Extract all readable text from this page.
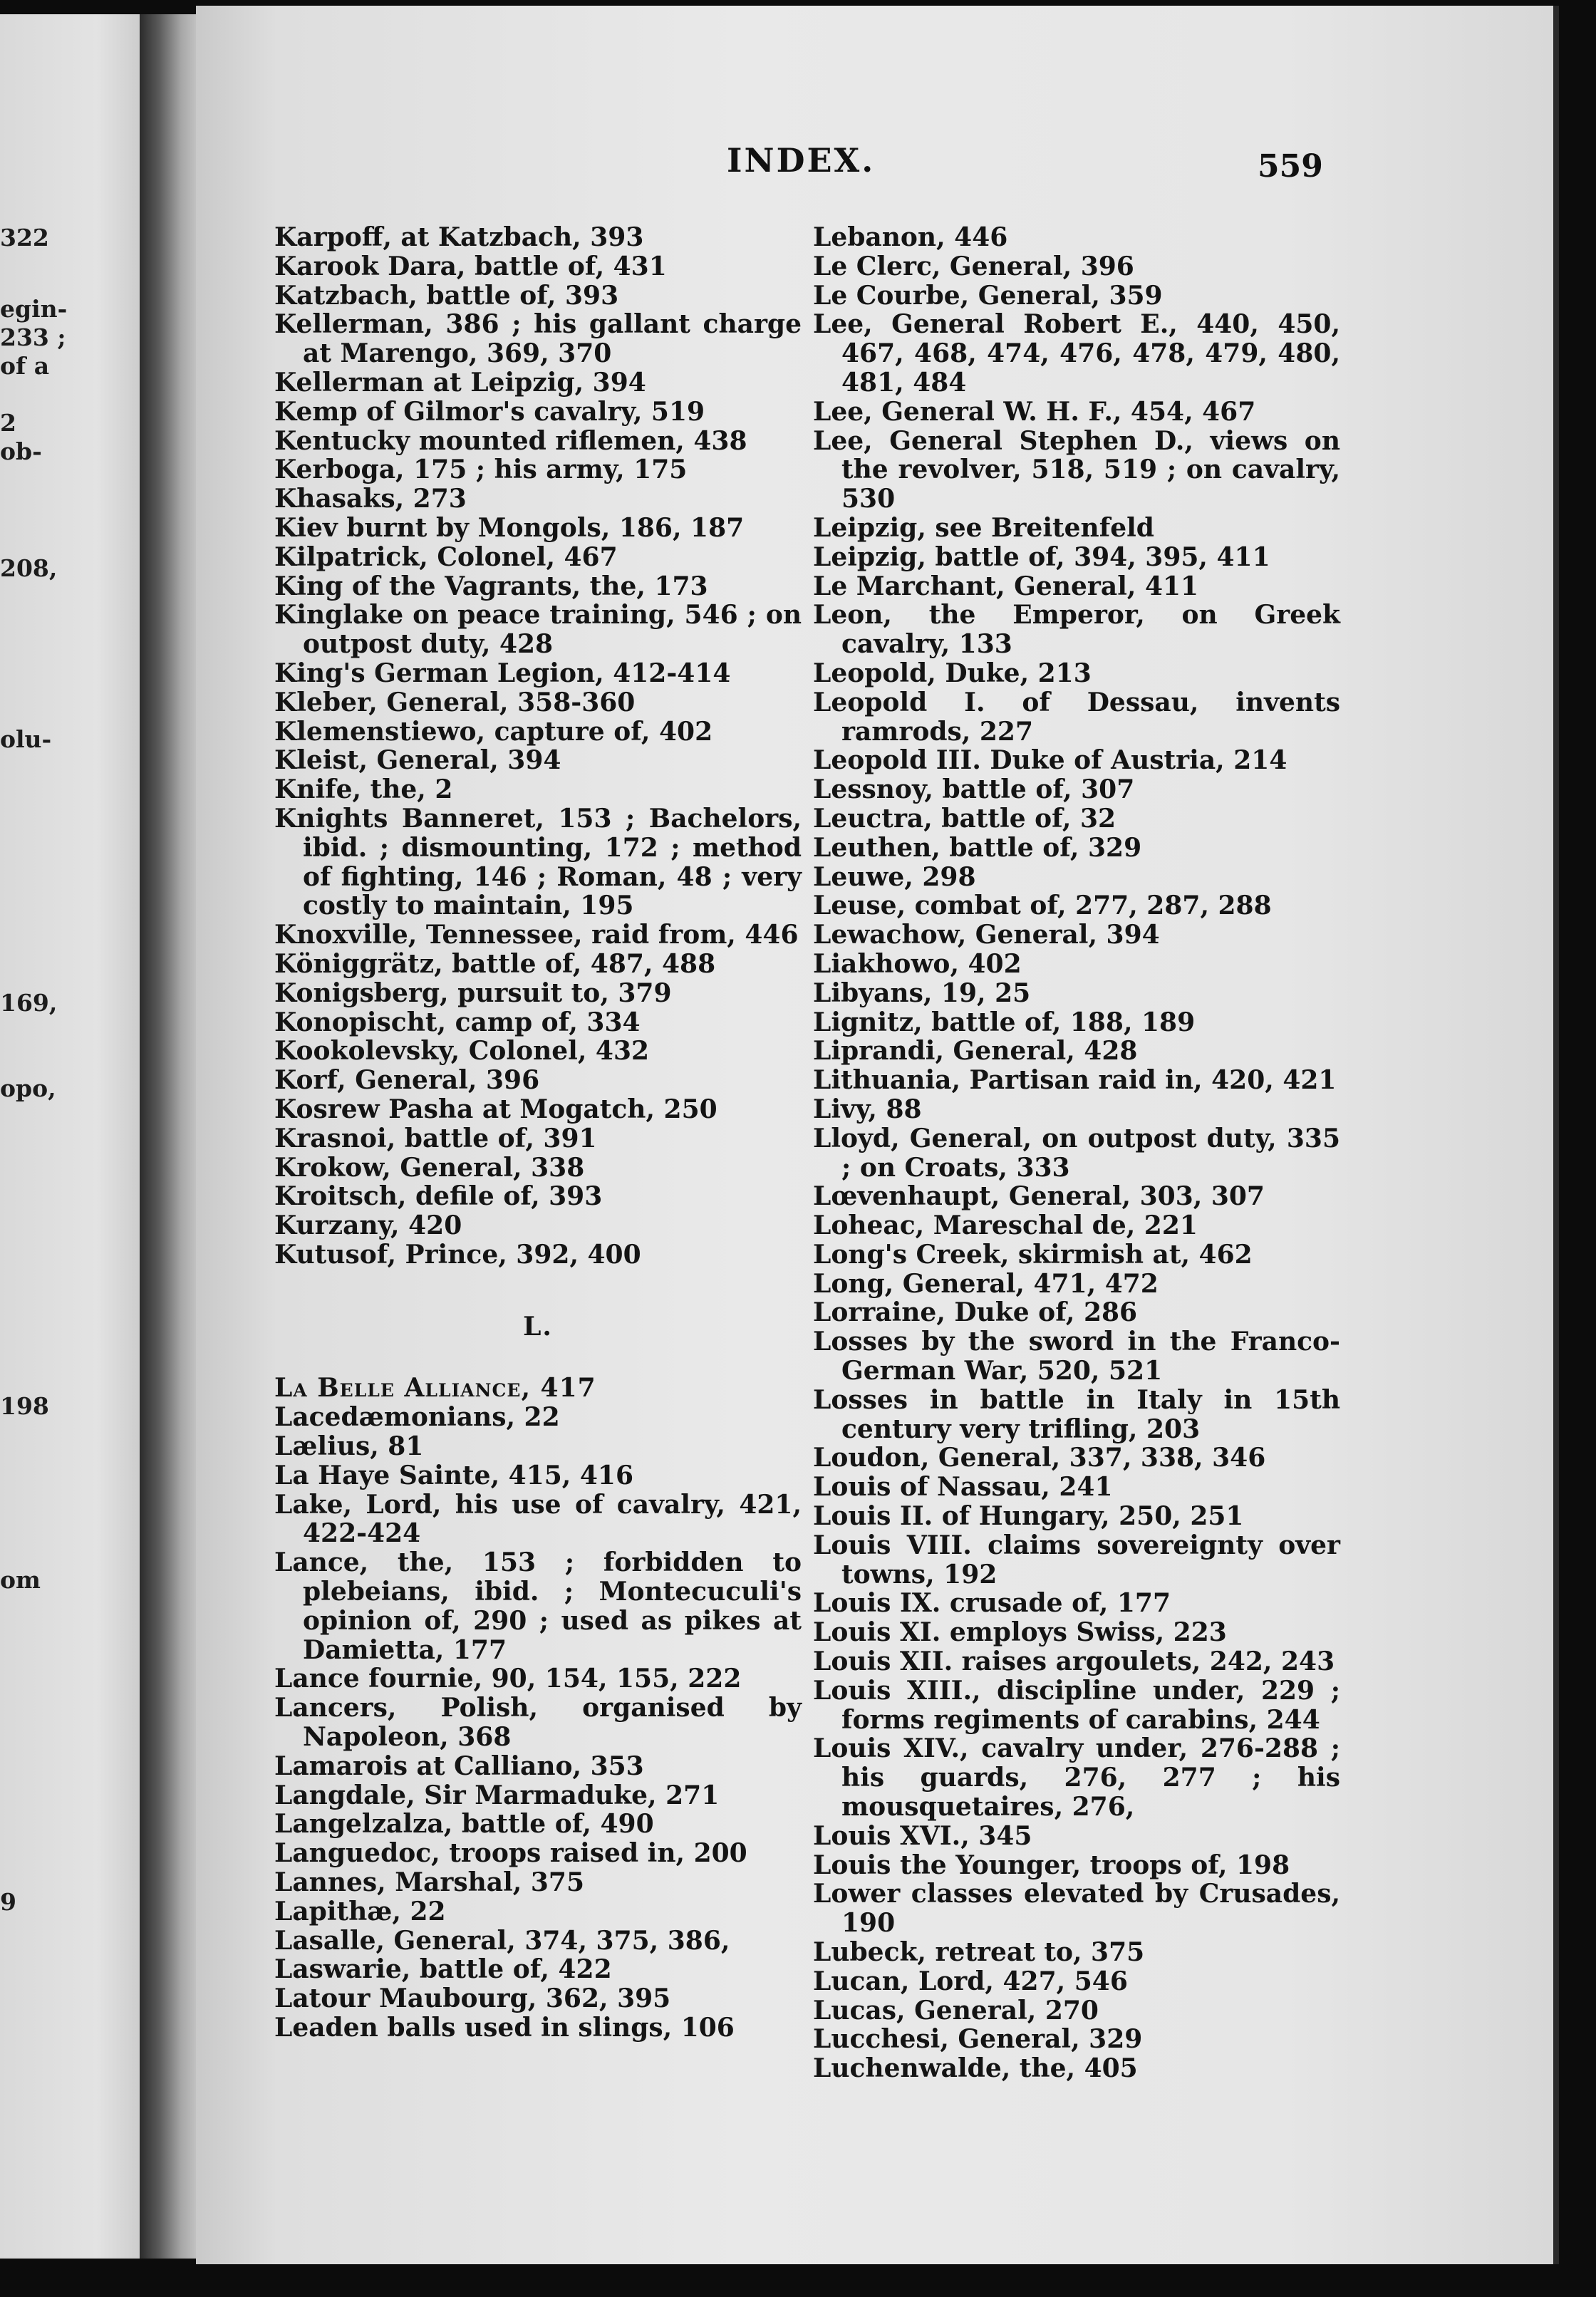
322
egin-
233 ;
of a
2
ob-
208,
olu-
169,
opo,
198
om
9
INDEX.	559
Karpoff, at Katzbach, 393
Karook Dara, battle of, 431
Katzbach, battle of, 393
Kellerman, 386 ; his gallant charge at Marengo, 369, 370
Kellerman at Leipzig, 394
Kemp of Gilmor's cavalry, 519
Kentucky mounted riflemen, 438
Kerboga, 175 ; his army, 175
Khasaks, 273
Kiev burnt by Mongols, 186, 187
Kilpatrick, Colonel, 467
King of the Vagrants, the, 173
Kinglake on peace training, 546 ; on outpost duty, 428
King's German Legion, 412-414
Kleber, General, 358-360
Klemenstiewo, capture of, 402
Kleist, General, 394
Knife, the, 2
Knights Banneret, 153 ; Bachelors, ibid. ; dismounting, 172 ; method of fighting, 146 ; Roman, 48 ; very costly to maintain, 195
Knoxville, Tennessee, raid from, 446
Königgrätz, battle of, 487, 488
Konigsberg, pursuit to, 379
Konopischt, camp of, 334
Kookolevsky, Colonel, 432
Korf, General, 396
Kosrew Pasha at Mogatch, 250
Krasnoi, battle of, 391
Krokow, General, 338
Kroitsch, defile of, 393
Kurzany, 420
Kutusof, Prince, 392, 400
L.
La Belle Alliance, 417
Lacedæmonians, 22
Lælius, 81
La Haye Sainte, 415, 416
Lake, Lord, his use of cavalry, 421, 422-424
Lance, the, 153 ; forbidden to plebeians, ibid. ; Montecuculi's opinion of, 290 ; used as pikes at Damietta, 177
Lance fournie, 90, 154, 155, 222
Lancers, Polish, organised by Napoleon, 368
Lamarois at Calliano, 353
Langdale, Sir Marmaduke, 271
Langelzalza, battle of, 490
Languedoc, troops raised in, 200
Lannes, Marshal, 375
Lapithæ, 22
Lasalle, General, 374, 375, 386,
Laswarie, battle of, 422
Latour Maubourg, 362, 395
Leaden balls used in slings, 106
Lebanon, 446
Le Clerc, General, 396
Le Courbe, General, 359
Lee, General Robert E., 440, 450, 467, 468, 474, 476, 478, 479, 480, 481, 484
Lee, General W. H. F., 454, 467
Lee, General Stephen D., views on the revolver, 518, 519 ; on cavalry, 530
Leipzig, see Breitenfeld
Leipzig, battle of, 394, 395, 411
Le Marchant, General, 411
Leon, the Emperor, on Greek cavalry, 133
Leopold, Duke, 213
Leopold I. of Dessau, invents ramrods, 227
Leopold III. Duke of Austria, 214
Lessnoy, battle of, 307
Leuctra, battle of, 32
Leuthen, battle of, 329
Leuwe, 298
Leuse, combat of, 277, 287, 288
Lewachow, General, 394
Liakhowo, 402
Libyans, 19, 25
Lignitz, battle of, 188, 189
Liprandi, General, 428
Lithuania, Partisan raid in, 420, 421
Livy, 88
Lloyd, General, on outpost duty, 335 ; on Croats, 333
Lœvenhaupt, General, 303, 307
Loheac, Mareschal de, 221
Long's Creek, skirmish at, 462
Long, General, 471, 472
Lorraine, Duke of, 286
Losses by the sword in the Franco-German War, 520, 521
Losses in battle in Italy in 15th century very trifling, 203
Loudon, General, 337, 338, 346
Louis of Nassau, 241
Louis II. of Hungary, 250, 251
Louis VIII. claims sovereignty over towns, 192
Louis IX. crusade of, 177
Louis XI. employs Swiss, 223
Louis XII. raises argoulets, 242, 243
Louis XIII., discipline under, 229 ; forms regiments of carabins, 244
Louis XIV., cavalry under, 276-288 ; his guards, 276, 277 ; his mousquetaires, 276,
Louis XVI., 345
Louis the Younger, troops of, 198
Lower classes elevated by Crusades, 190
Lubeck, retreat to, 375
Lucan, Lord, 427, 546
Lucas, General, 270
Lucchesi, General, 329
Luchenwalde, the, 405
